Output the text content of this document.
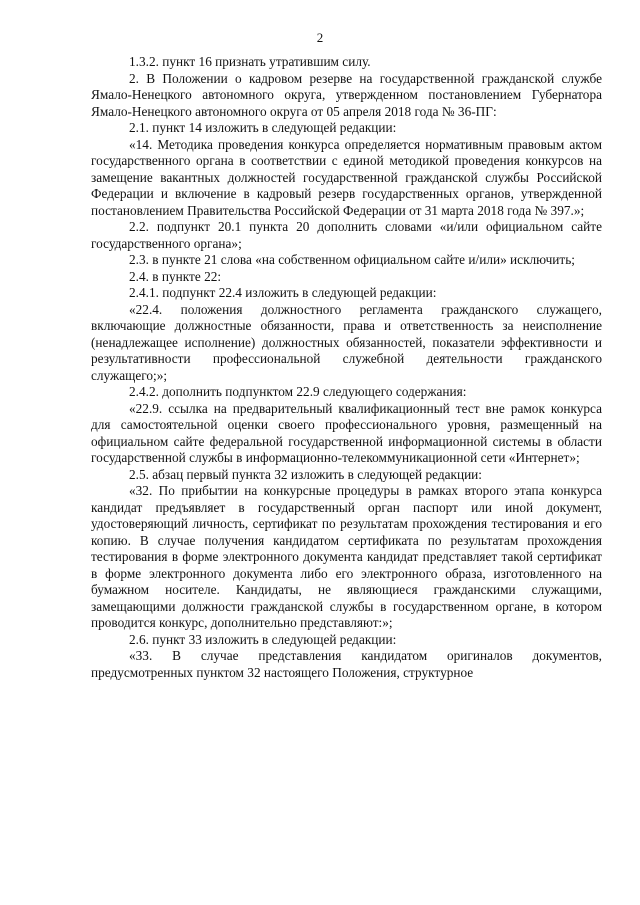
2

1.3.2. пункт 16 признать утратившим силу.

2. В Положении о кадровом резерве на государственной гражданской службе Ямало-Ненецкого автономного округа, утвержденном постановлением Губернатора Ямало-Ненецкого автономного округа от 05 апреля 2018 года № 36-ПГ:

2.1. пункт 14 изложить в следующей редакции:

«14. Методика проведения конкурса определяется нормативным правовым актом государственного органа в соответствии с единой методикой проведения конкурсов на замещение вакантных должностей государственной гражданской службы Российской Федерации и включение в кадровый резерв государственных органов, утвержденной постановлением Правительства Российской Федерации от 31 марта 2018 года № 397.»;

2.2. подпункт 20.1 пункта 20 дополнить словами «и/или официальном сайте государственного органа»;

2.3. в пункте 21 слова «на собственном официальном сайте и/или» исключить;

2.4. в пункте 22:

2.4.1. подпункт 22.4 изложить в следующей редакции:

«22.4. положения должностного регламента гражданского служащего, включающие должностные обязанности, права и ответственность за неисполнение (ненадлежащее исполнение) должностных обязанностей, показатели эффективности и результативности профессиональной служебной деятельности гражданского служащего;»;

2.4.2. дополнить подпунктом 22.9 следующего содержания:

«22.9. ссылка на предварительный квалификационный тест вне рамок конкурса для самостоятельной оценки своего профессионального уровня, размещенный на официальном сайте федеральной государственной информационной системы в области государственной службы в информационно-телекоммуникационной сети «Интернет»;

2.5. абзац первый пункта 32 изложить в следующей редакции:

«32. По прибытии на конкурсные процедуры в рамках второго этапа конкурса кандидат предъявляет в государственный орган паспорт или иной документ, удостоверяющий личность, сертификат по результатам прохождения тестирования и его копию. В случае получения кандидатом сертификата по результатам прохождения тестирования в форме электронного документа кандидат представляет такой сертификат в форме электронного документа либо его электронного образа, изготовленного на бумажном носителе. Кандидаты, не являющиеся гражданскими служащими, замещающими должности гражданской службы в государственном органе, в котором проводится конкурс, дополнительно представляют:»;

2.6. пункт 33 изложить в следующей редакции:

«33. В случае представления кандидатом оригиналов документов, предусмотренных пунктом 32 настоящего Положения, структурное
